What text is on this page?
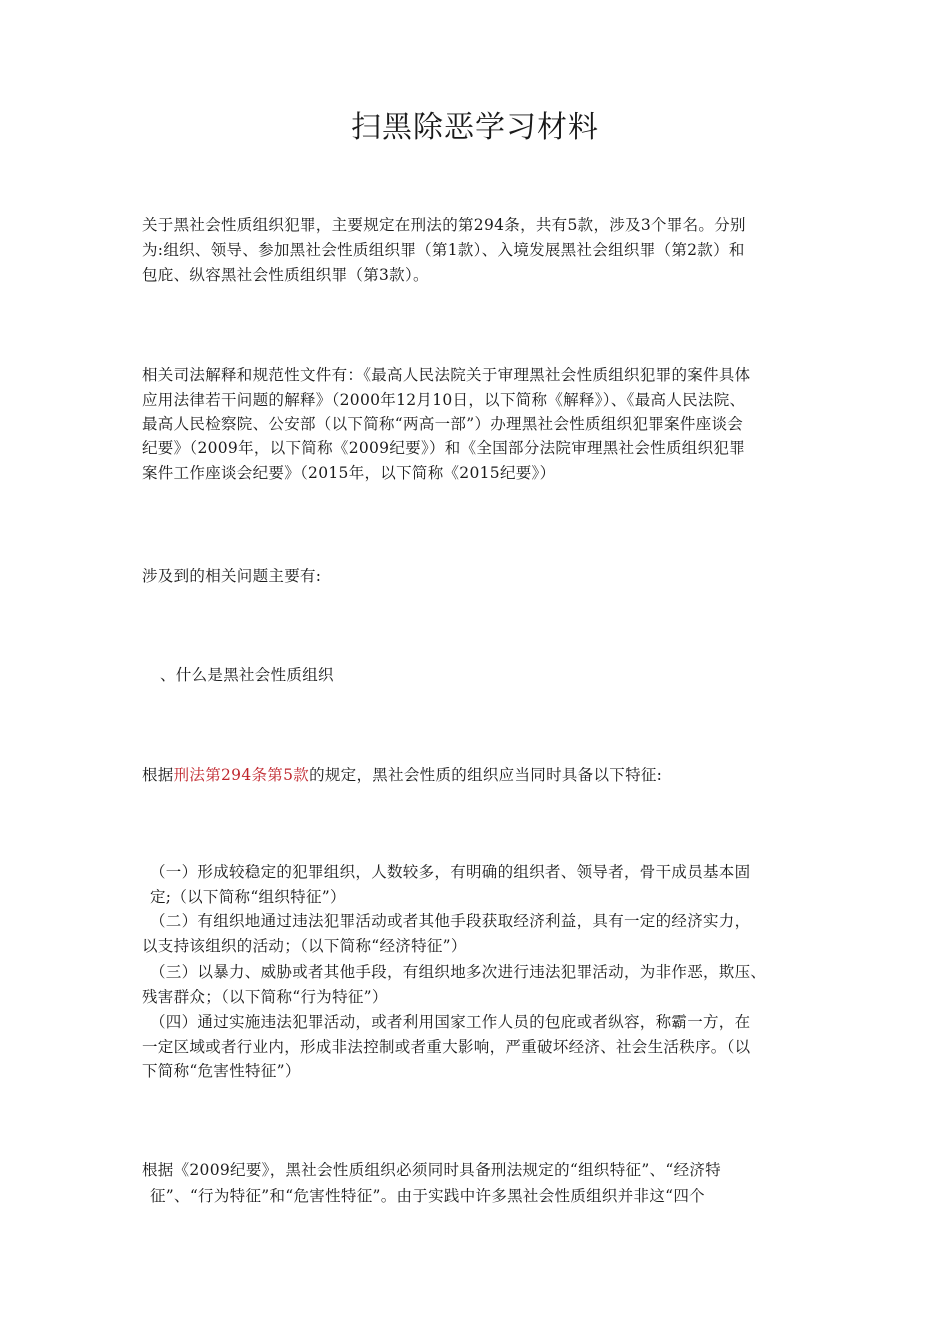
扫黑除恶学习材料
关于黑社会性质组织犯罪，主要规定在刑法的第294条，共有5款，涉及3个罪名。分别
为:组织、领导、参加黑社会性质组织罪（第1款）、入境发展黑社会组织罪（第2款）和
包庇、纵容黑社会性质组织罪（第3款）。
相关司法解释和规范性文件有：《最高人民法院关于审理黑社会性质组织犯罪的案件具体
应用法律若干问题的解释》（2000年12月10日，以下简称《解释》）、《最高人民法院、
最高人民检察院、公安部（以下简称“两高一部”）办理黑社会性质组织犯罪案件座谈会
纪要》（2009年，以下简称《2009纪要》）和《全国部分法院审理黑社会性质组织犯罪
案件工作座谈会纪要》（2015年，以下简称《2015纪要》）
涉及到的相关问题主要有:
、什么是黑社会性质组织
根据刑法第294条第5款的规定，黑社会性质的组织应当同时具备以下特征:
（一）形成较稳定的犯罪组织，人数较多，有明确的组织者、领导者，骨干成员基本固
定;（以下简称“组织特征”）
（二）有组织地通过违法犯罪活动或者其他手段获取经济利益，具有一定的经济实力，
以支持该组织的活动；（以下简称“经济特征”）
（三）以暴力、威胁或者其他手段，有组织地多次进行违法犯罪活动，为非作恶，欺压、
残害群众；（以下简称“行为特征”）
（四）通过实施违法犯罪活动，或者利用国家工作人员的包庇或者纵容，称霸一方，在
一定区域或者行业内，形成非法控制或者重大影响，严重破坏经济、社会生活秩序。（以
下简称“危害性特征”）
根据《2009纪要》，黑社会性质组织必须同时具备刑法规定的“组织特征”、“经济特
征”、“行为特征”和“危害性特征”。由于实践中许多黑社会性质组织并非这“四个
